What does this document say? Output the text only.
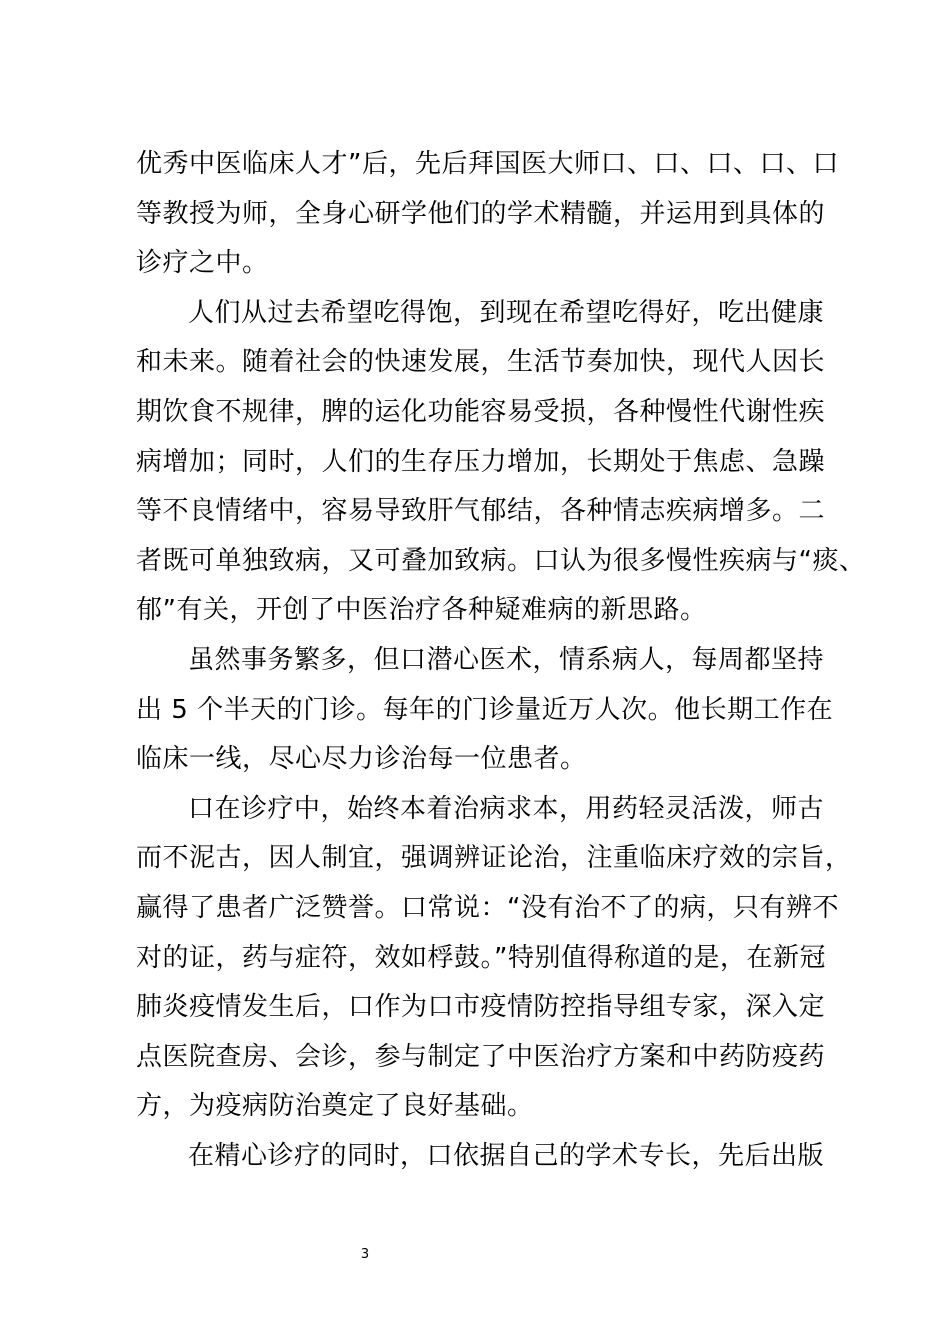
优秀中医临床人才”后，先后拜国医大师口、口、口、口、口
等教授为师，全身心研学他们的学术精髓，并运用到具体的
诊疗之中。
人们从过去希望吃得饱，到现在希望吃得好，吃出健康
和未来。随着社会的快速发展，生活节奏加快，现代人因长
期饮食不规律，脾的运化功能容易受损，各种慢性代谢性疾
病增加；同时，人们的生存压力增加，长期处于焦虑、急躁
等不良情绪中，容易导致肝气郁结，各种情志疾病增多。二
者既可单独致病，又可叠加致病。口认为很多慢性疾病与“痰、
郁”有关，开创了中医治疗各种疑难病的新思路。
虽然事务繁多，但口潜心医术，情系病人，每周都坚持
出 5 个半天的门诊。每年的门诊量近万人次。他长期工作在
临床一线，尽心尽力诊治每一位患者。
口在诊疗中，始终本着治病求本，用药轻灵活泼，师古
而不泥古，因人制宜，强调辨证论治，注重临床疗效的宗旨，
赢得了患者广泛赞誉。口常说：“没有治不了的病，只有辨不
对的证，药与症符，效如桴鼓。”特别值得称道的是，在新冠
肺炎疫情发生后，口作为口市疫情防控指导组专家，深入定
点医院查房、会诊，参与制定了中医治疗方案和中药防疫药
方，为疫病防治奠定了良好基础。
在精心诊疗的同时，口依据自己的学术专长，先后出版
3
